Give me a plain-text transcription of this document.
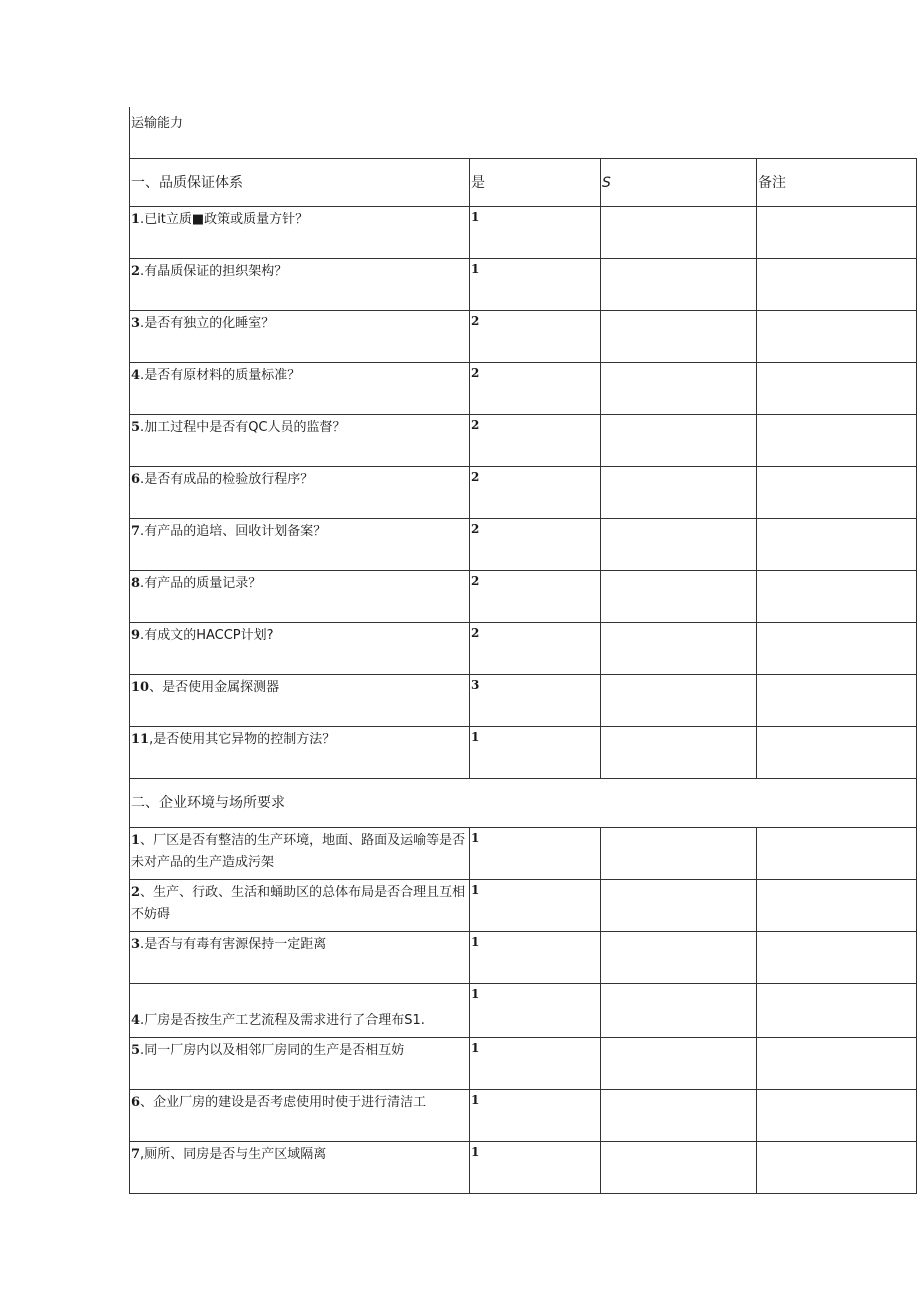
运输能力			
一、品质保证体系	是	S	备注
1.已it立质■政策或质量方针？	1		
2.有晶质保证的担织架构？	1		
3.是否有独立的化睡室？	2		
4.是否有原材料的质量标准？	2		
5.加工过程中是否有QC人员的监督？	2		
6.是否有成品的检验放行程序？	2		
7.有产品的追培、回收计划备案？	2		
8.有产品的质量记录？	2		
9.有成文的HACCP计划?	2		
10、是否使用金属探测器	3		
11,是否使用其它异物的控制方法？	1		
二、企业环境与场所要求			
1、厂区是否有整洁的生产环境，地面、路面及运喻等是否未对产品的生产造成污架	1		
2、生产、行政、生活和蛹助区的总体布局是否合理且互相不妨碍	1		
3.是否与有毒有害源保持一定距离	1		
4.厂房是否按生产工艺流程及需求进行了合理布S1.	1		
5.同一厂房内以及相邻厂房同的生产是否相互妨	1		
6、企业厂房的建设是否考虑使用时使于进行清洁工	1		
7,厕所、同房是否与生产区域隔离	1		
